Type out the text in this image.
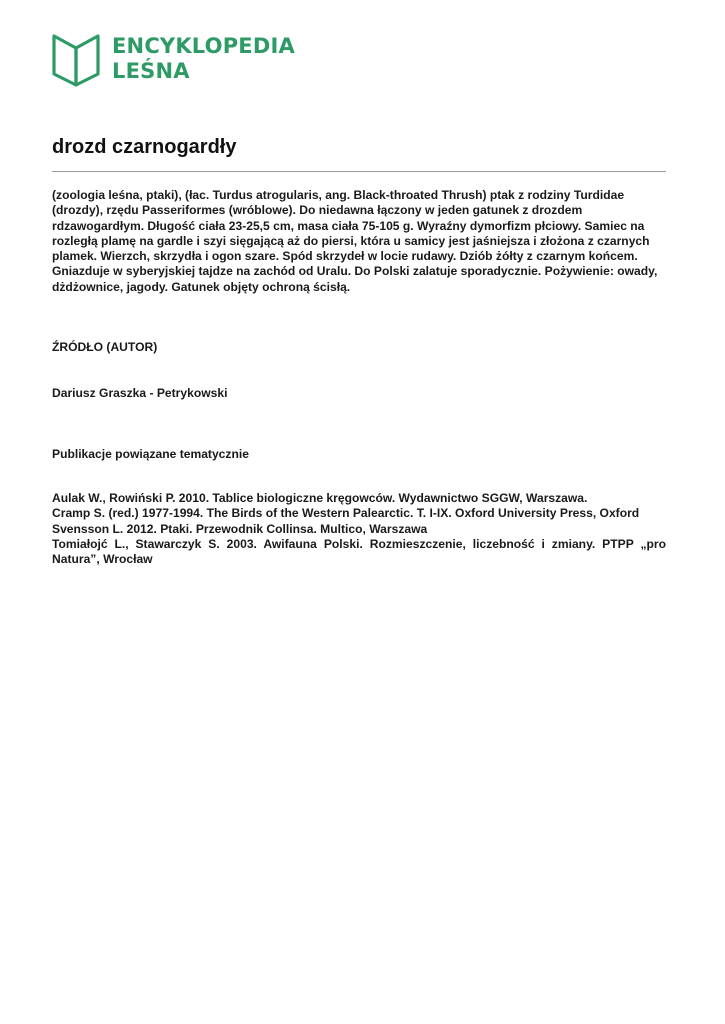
ENCYKLOPEDIA
LEŚNA
drozd czarnogardły

(zoologia leśna, ptaki), (łac. Turdus atrogularis, ang. Black-throated Thrush) ptak z rodziny Turdidae (drozdy), rzędu Passeriformes (wróblowe). Do niedawna łączony w jeden gatunek z drozdem rdzawogardłym. Długość ciała 23-25,5 cm, masa ciała 75-105 g. Wyraźny dymorfizm płciowy. Samiec na rozległą plamę na gardle i szyi sięgającą aż do piersi, która u samicy jest jaśniejsza i złożona z czarnych plamek. Wierzch, skrzydła i ogon szare. Spód skrzydeł w locie rudawy. Dziób żółty z czarnym końcem. Gniazduje w syberyjskiej tajdze na zachód od Uralu. Do Polski zalatuje sporadycznie. Pożywienie: owady, dżdżownice, jagody. Gatunek objęty ochroną ścisłą.

ŹRÓDŁO (AUTOR)

Dariusz Graszka - Petrykowski

Publikacje powiązane tematycznie

Aulak W., Rowiński P. 2010. Tablice biologiczne kręgowców. Wydawnictwo SGGW, Warszawa.
Cramp S. (red.) 1977-1994. The Birds of the Western Palearctic. T. I-IX. Oxford University Press, Oxford
Svensson L. 2012. Ptaki. Przewodnik Collinsa. Multico, Warszawa
Tomiałojć L., Stawarczyk S. 2003. Awifauna Polski. Rozmieszczenie, liczebność i zmiany. PTPP „pro Natura”, Wrocław
